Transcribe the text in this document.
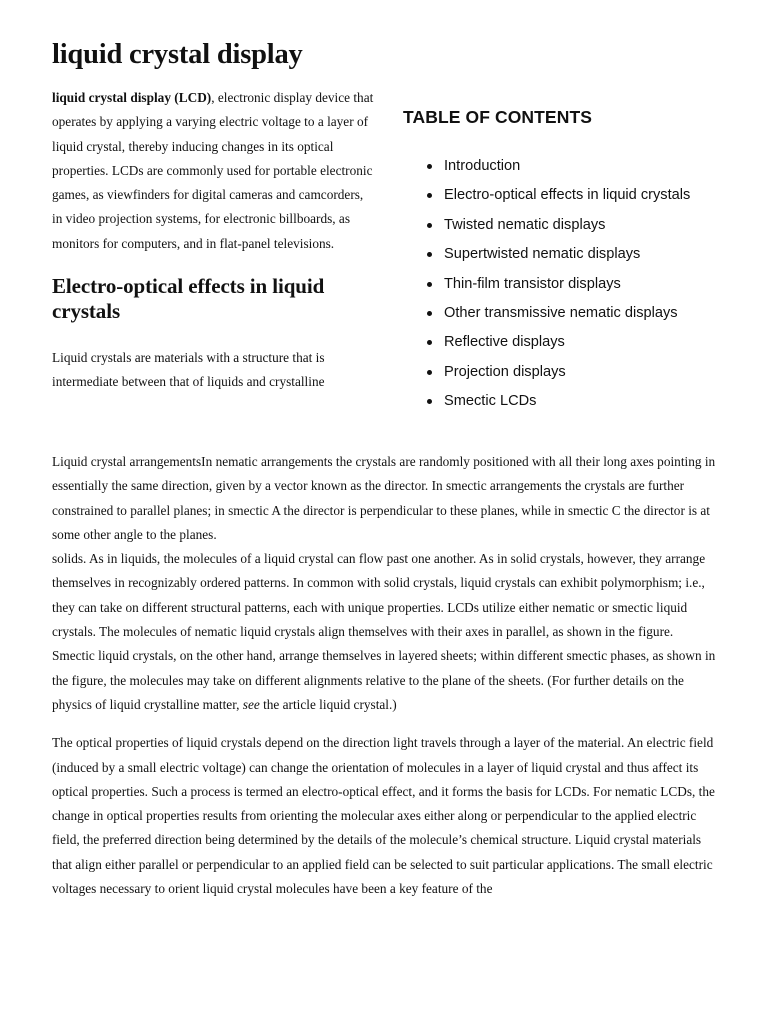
liquid crystal display

liquid crystal display (LCD), electronic display device that operates by applying a varying electric voltage to a layer of liquid crystal, thereby inducing changes in its optical properties. LCDs are commonly used for portable electronic games, as viewfinders for digital cameras and camcorders, in video projection systems, for electronic billboards, as monitors for computers, and in flat-panel televisions.

Electro-optical effects in liquid crystals

Liquid crystals are materials with a structure that is intermediate between that of liquids and crystalline

TABLE OF CONTENTS
Introduction
Electro-optical effects in liquid crystals
Twisted nematic displays
Supertwisted nematic displays
Thin-film transistor displays
Other transmissive nematic displays
Reflective displays
Projection displays
Smectic LCDs

Liquid crystal arrangementsIn nematic arrangements the crystals are randomly positioned with all their long axes pointing in essentially the same direction, given by a vector known as the director. In smectic arrangements the crystals are further constrained to parallel planes; in smectic A the director is perpendicular to these planes, while in smectic C the director is at some other angle to the planes.
solids. As in liquids, the molecules of a liquid crystal can flow past one another. As in solid crystals, however, they arrange themselves in recognizably ordered patterns. In common with solid crystals, liquid crystals can exhibit polymorphism; i.e., they can take on different structural patterns, each with unique properties. LCDs utilize either nematic or smectic liquid crystals. The molecules of nematic liquid crystals align themselves with their axes in parallel, as shown in the figure. Smectic liquid crystals, on the other hand, arrange themselves in layered sheets; within different smectic phases, as shown in the figure, the molecules may take on different alignments relative to the plane of the sheets. (For further details on the physics of liquid crystalline matter, see the article liquid crystal.)

The optical properties of liquid crystals depend on the direction light travels through a layer of the material. An electric field (induced by a small electric voltage) can change the orientation of molecules in a layer of liquid crystal and thus affect its optical properties. Such a process is termed an electro-optical effect, and it forms the basis for LCDs. For nematic LCDs, the change in optical properties results from orienting the molecular axes either along or perpendicular to the applied electric field, the preferred direction being determined by the details of the molecule’s chemical structure. Liquid crystal materials that align either parallel or perpendicular to an applied field can be selected to suit particular applications. The small electric voltages necessary to orient liquid crystal molecules have been a key feature of the
